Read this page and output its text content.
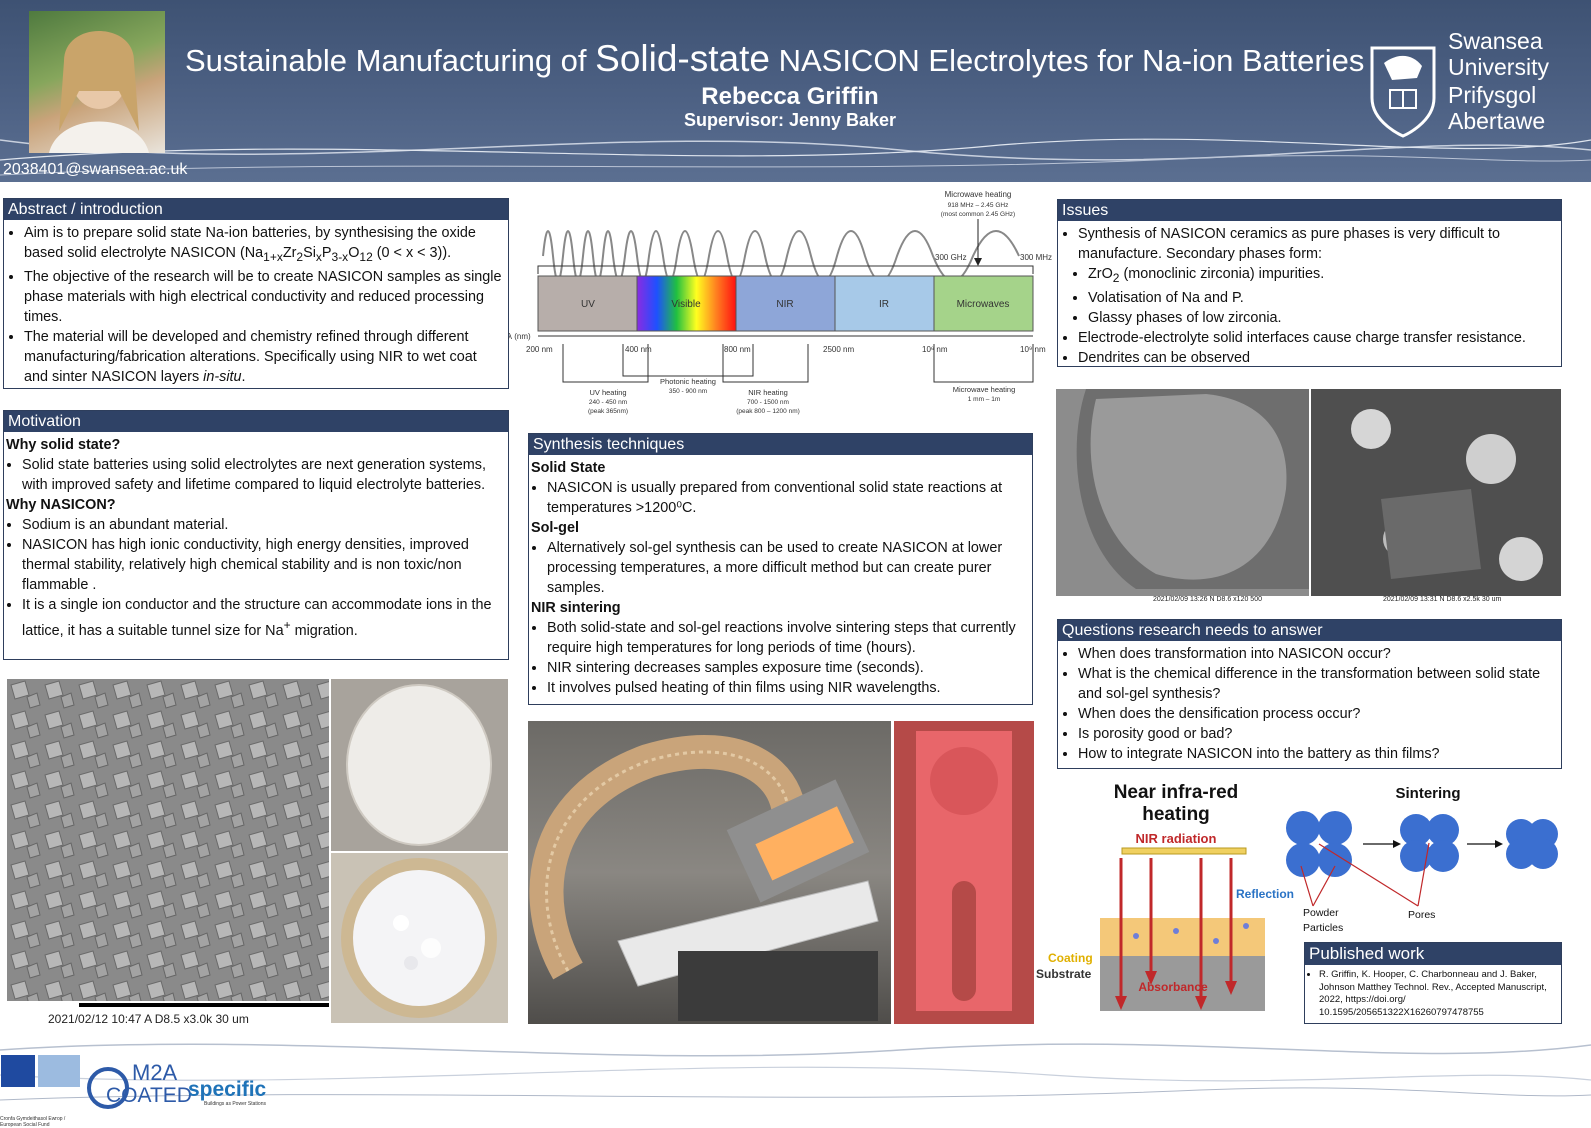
Sustainable Manufacturing of Solid-state NASICON Electrolytes for Na-ion Batteries
Rebecca Griffin
Supervisor: Jenny Baker
2038401@swansea.ac.uk
Swansea
University
Prifysgol
Abertawe
Abstract / introduction
• Aim is to prepare solid state Na-ion batteries, by synthesising the oxide based solid electrolyte NASICON ($Na_{1+x}Zr_2Si_xP_{3-x}O_{12}$ (0 < x < 3)).
• The objective of the research will be to create NASICON samples as single phase materials with high electrical conductivity and reduced processing times.
• The material will be developed and chemistry refined through different manufacturing/fabrication alterations. Specifically using NIR to wet coat and sinter NASICON layers in-situ.
Motivation
Why solid state?
• Solid state batteries using solid electrolytes are next generation systems, with improved safety and lifetime compared to liquid electrolyte batteries.
Why NASICON?
• Sodium is an abundant material.
• NASICON has high ionic conductivity, high energy densities, improved thermal stability, relatively high chemical stability and is non toxic/non flammable .
• It is a single ion conductor and the structure can accommodate ions in the lattice, it has a suitable tunnel size for Na+ migration.
2021/02/12 10:47 A D8.5 x3.0k 30 um
Microwave heating
918 MHz – 2.45 GHz
(most common 2.45 GHz)
300 GHz	300 MHz
UV	Visible	NIR	IR	Microwaves
λ (nm)
200 nm	400 nm	800 nm	2500 nm	10⁶ nm	10⁹ nm
UV heating
240 - 450 nm
(peak 365nm)
Photonic heating
350 - 900 nm	NIR heating
700 - 1500 nm
(peak 800 – 1200 nm)
Microwave heating
1 mm – 1m
Synthesis techniques
Solid State
• NASICON is usually prepared from conventional solid state reactions at temperatures >1200⁰C.
Sol-gel
• Alternatively sol-gel synthesis can be used to create NASICON at lower processing temperatures, a more difficult method but can create purer samples.
NIR sintering
• Both solid-state and sol-gel reactions involve sintering steps that currently require high temperatures for long periods of time (hours).
• NIR sintering decreases samples exposure time (seconds).
• It involves pulsed heating of thin films using NIR wavelengths.
Issues
• Synthesis of NASICON ceramics as pure phases is very difficult to manufacture. Secondary phases form:
• ZrO$_2$ (monoclinic zirconia) impurities.
• Volatisation of Na and P.
• Glassy phases of low zirconia.
• Electrode-electrolyte solid interfaces cause charge transfer resistance.
• Dendrites can be observed
2021/02/09 13:26 N D8.6 x120 500	2021/02/09 13:31 N D8.6 x2.5k 30 um
Questions research needs to answer
• When does transformation into NASICON occur?
• What is the chemical difference in the transformation between solid state and sol-gel synthesis?
• When does the densification process occur?
• Is porosity good or bad?
• How to integrate NASICON into the battery as thin films?
Near infra-red
heating
NIR radiation
Reflection
Coating
Substrate
Absorbance
Sintering
Powder
Particles
Pores
Published work
• R. Griffin, K. Hooper, C. Charbonneau and J. Baker, Johnson Matthey Technol. Rev., Accepted Manuscript, 2022, https://doi.org/ 10.1595/205651322X16260797478755
Cronfa Gymdeithasol Ewrop / European Social Fund
M2A
COATED
specific
Buildings as Power Stations
